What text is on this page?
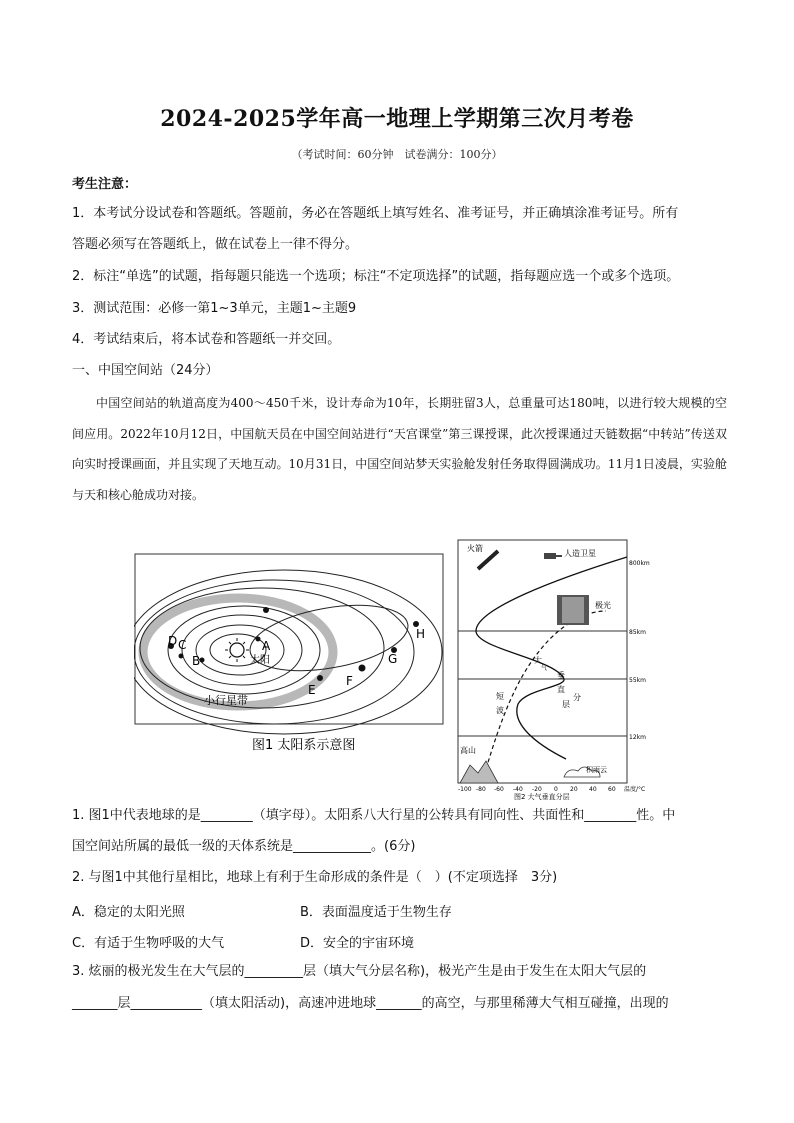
2024-2025学年高一地理上学期第三次月考卷
（考试时间：60分钟　试卷满分：100分）
考生注意：
1．本考试分设试卷和答题纸。答题前，务必在答题纸上填写姓名、准考证号，并正确填涂准考证号。所有
答题必须写在答题纸上，做在试卷上一律不得分。
2．标注“单选”的试题，指每题只能选一个选项；标注“不定项选择”的试题，指每题应选一个或多个选项。
3．测试范围：必修一第1~3单元，主题1~主题9
4．考试结束后，将本试卷和答题纸一并交回。
一、中国空间站（24分）
中国空间站的轨道高度为400～450千米，设计寿命为10年，长期驻留3人，总重量可达180吨，以进行较大规模的空间应用。2022年10月12日，中国航天员在中国空间站进行“天宫课堂”第三课授课，此次授课通过天链数据“中转站”传送双向实时授课画面，并且实现了天地互动。10月31日，中国空间站梦天实验舱发射任务取得圆满成功。11月1日凌晨，实验舱与天和核心舱成功对接。
A
B
C
D
E
F
G
H
太阳
小行星带
图1 太阳系示意图
火箭
人造卫星
极光
短
波
大
气
垂
直
分
层
高山
积雨云
800km
85km
55km
12km
-100 -80 -60 -40 -20 0 20 40 60 温度/°C
图2 大气垂直分层
1. 图1中代表地球的是________（填字母）。太阳系八大行星的公转具有同向性、共面性和________性。中
国空间站所属的最低一级的天体系统是____________。(6分)
2. 与图1中其他行星相比，地球上有利于生命形成的条件是（　）(不定项选择　3分)
A．稳定的太阳光照	B．表面温度适于生物生存
C．有适于生物呼吸的大气	D．安全的宇宙环境
3. 炫丽的极光发生在大气层的_________层（填大气分层名称)，极光产生是由于发生在太阳大气层的
_______层___________（填太阳活动)，高速冲进地球_______的高空，与那里稀薄大气相互碰撞，出现的
